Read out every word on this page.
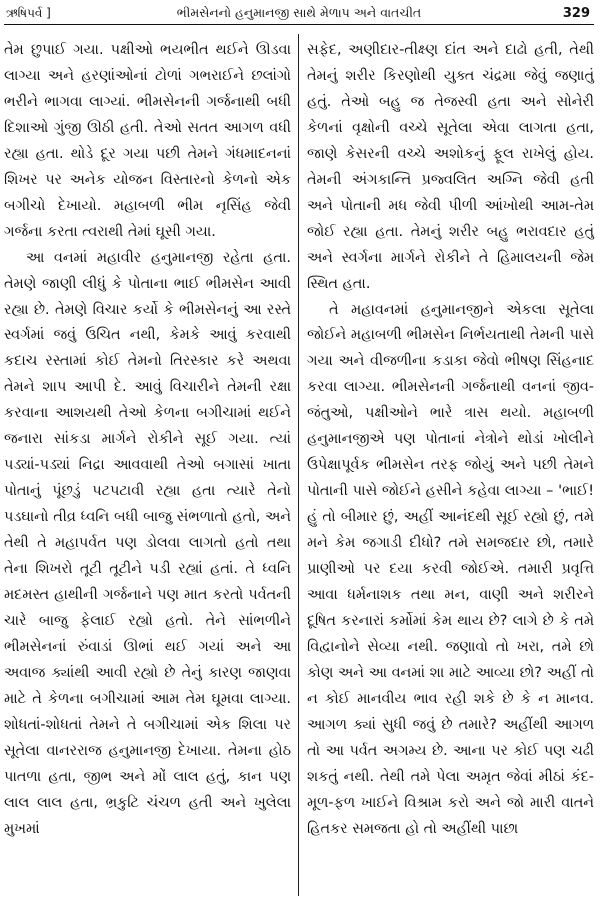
ઋષિપર્વ ]	ભીમસેનનો હનુમાનજી સાથે મેળાપ અને વાતચીત	329

તેમ છુપાઈ ગયા. પક્ષીઓ ભયભીત થઈને ઊડવા લાગ્યા અને હરણાંઓનાં ટોળાં ગભરાઈને છલાંગો ભરીને ભાગવા લાગ્યાં. ભીમસેનની ગર્જનાથી બધી દિશાઓ ગુંજી ઊઠી હતી. તેઓ સતત આગળ વધી રહ્યા હતા. થોડે દૂર ગયા પછી તેમને ગંધમાદનનાં શિખર પર અનેક યોજન વિસ્તારનો કેળનો એક બગીચો દેખાયો. મહાબળી ભીમ નૃસિંહ જેવી ગર્જના કરતા ત્વરાથી તેમાં ઘૂસી ગયા.

આ વનમાં મહાવીર હનુમાનજી રહેતા હતા. તેમણે જાણી લીધું કે પોતાના ભાઈ ભીમસેન આવી રહ્યા છે. તેમણે વિચાર કર્યો કે ભીમસેનનું આ રસ્તે સ્વર્ગમાં જવું ઉચિત નથી, કેમકે આવું કરવાથી કદાચ રસ્તામાં કોઈ તેમનો તિરસ્કાર કરે અથવા તેમને શાપ આપી દે. આવું વિચારીને તેમની રક્ષા કરવાના આશયથી તેઓ કેળના બગીચામાં થઈને જનારા સાંકડા માર્ગને રોકીને સૂઈ ગયા. ત્યાં પડ્યાં-પડ્યાં નિદ્રા આવવાથી તેઓ બગાસાં ખાતા પોતાનું પૂંછડું પટપટાવી રહ્યા હતા ત્યારે તેનો પડઘાનો તીવ્ર ધ્વનિ બધી બાજુ સંભળાતો હતો, અને તેથી તે મહાપર્વત પણ ડોલવા લાગતો હતો તથા તેના શિખરો તૂટી તૂટીને પડી રહ્યાં હતાં. તે ધ્વનિ મદમસ્ત હાથીની ગર્જનાને પણ માત કરતો પર્વતની ચારે બાજુ ફેલાઈ રહ્યો હતો. તેને સાંભળીને ભીમસેનનાં રુંવાડાં ઊભાં થઈ ગયાં અને આ અવાજ ક્યાંથી આવી રહ્યો છે તેનું કારણ જાણવા માટે તે કેળના બગીચામાં આમ તેમ ઘૂમવા લાગ્યા. શોધતાં-શોધતાં તેમને તે બગીચામાં એક શિલા પર સૂતેલા વાનરરાજ હનુમાનજી દેખાયા. તેમના હોઠ પાતળા હતા, જીભ અને મોં લાલ હતું, કાન પણ લાલ લાલ હતા, ભ્રકુટિ ચંચળ હતી અને ખુલેલા મુખમાં

સફેદ, અણીદાર-તીક્ષ્ણ દાંત અને દાઢો હતી, તેથી તેમનું શરીર કિરણોથી યુક્ત ચંદ્રમા જેવું જણાતું હતું. તેઓ બહુ જ તેજસ્વી હતા અને સોનેરી કેળનાં વૃક્ષોની વચ્ચે સૂતેલા એવા લાગતા હતા, જાણે કેસરની વચ્ચે અશોકનું ફૂલ રાખેલું હોય. તેમની અંગકાન્તિ પ્રજ્વલિત અગ્નિ જેવી હતી અને પોતાની મધ જેવી પીળી આંખોથી આમ-તેમ જોઈ રહ્યા હતા. તેમનું શરીર બહુ ભરાવદાર હતું અને સ્વર્ગના માર્ગને રોકીને તે હિમાલયની જેમ સ્થિત હતા.

તે મહાવનમાં હનુમાનજીને એકલા સૂતેલા જોઈને મહાબળી ભીમસેન નિર્ભયતાથી તેમની પાસે ગયા અને વીજળીના કડાકા જેવો ભીષણ સિંહનાદ કરવા લાગ્યા. ભીમસેનની ગર્જનાથી વનનાં જીવ-જંતુઓ, પક્ષીઓને ભારે ત્રાસ થયો. મહાબળી હનુમાનજીએ પણ પોતાનાં નેત્રોને થોડાં ખોલીને ઉપેક્ષાપૂર્વક ભીમસેન તરફ જોયું અને પછી તેમને પોતાની પાસે જોઈને હસીને કહેવા લાગ્યા – 'ભાઈ! હું તો બીમાર છું, અહીં આનંદથી સૂઈ રહ્યો છું, તમે મને કેમ જગાડી દીધો? તમે સમજદાર છો, તમારે પ્રાણીઓ પર દયા કરવી જોઈએ. તમારી પ્રવૃત્તિ આવા ધર્મનાશક તથા મન, વાણી અને શરીરને દૂષિત કરનારાં કર્મોમાં કેમ થાય છે? લાગે છે કે તમે વિદ્વાનોને સેવ્યા નથી. જણાવો તો ખરા, તમે છો કોણ અને આ વનમાં શા માટે આવ્યા છો? અહીં તો ન કોઈ માનવીય ભાવ રહી શકે છે કે ન માનવ. આગળ ક્યાં સુધી જવું છે તમારે? અહીંથી આગળ તો આ પર્વત અગમ્ય છે. આના પર કોઈ પણ ચઢી શકતું નથી. તેથી તમે પેલા અમૃત જેવાં મીઠાં કંદ-મૂળ-ફળ ખાઈને વિશ્રામ કરો અને જો મારી વાતને હિતકર સમજતા હો તો અહીંથી પાછા
